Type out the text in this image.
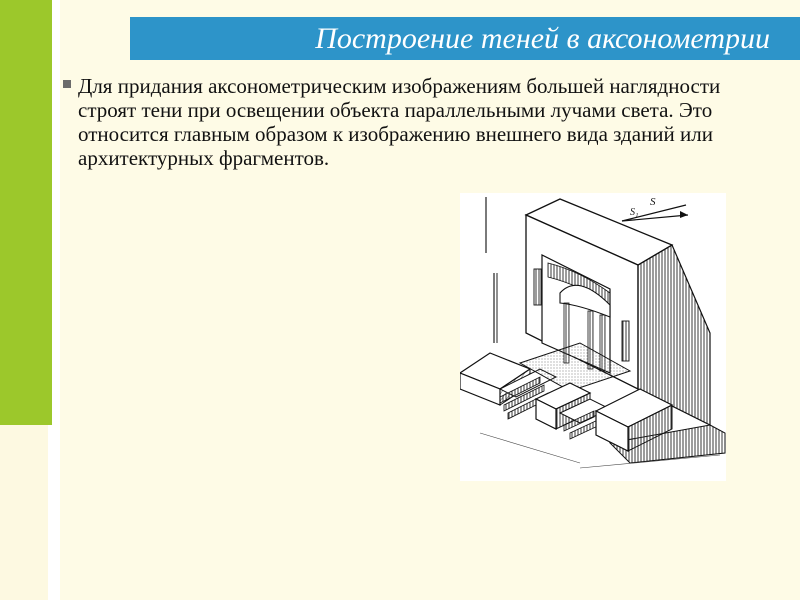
Построение теней в аксонометрии
Для придания аксонометрическим изображениям большей наглядности строят тени при освещении объекта параллельными лучами света. Это относится главным образом к изображению внешнего вида зданий или архитектурных фрагментов.
S
S₁
